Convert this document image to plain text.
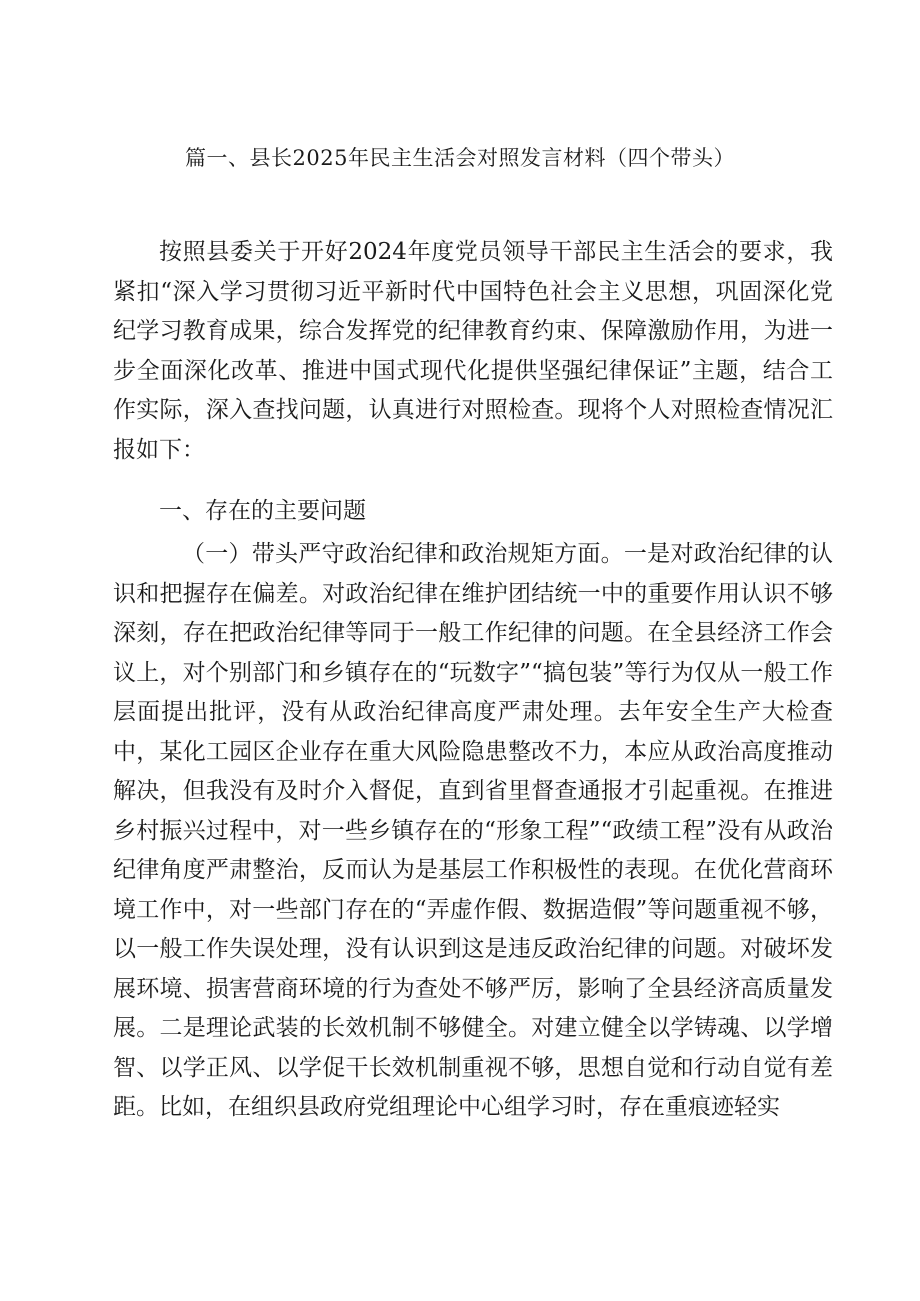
篇一、县长2025年民主生活会对照发言材料（四个带头）

按照县委关于开好2024年度党员领导干部民主生活会的要求，我紧扣“深入学习贯彻习近平新时代中国特色社会主义思想，巩固深化党纪学习教育成果，综合发挥党的纪律教育约束、保障激励作用，为进一步全面深化改革、推进中国式现代化提供坚强纪律保证”主题，结合工作实际，深入查找问题，认真进行对照检查。现将个人对照检查情况汇报如下：

一、存在的主要问题

（一）带头严守政治纪律和政治规矩方面。一是对政治纪律的认识和把握存在偏差。对政治纪律在维护团结统一中的重要作用认识不够深刻，存在把政治纪律等同于一般工作纪律的问题。在全县经济工作会议上，对个别部门和乡镇存在的“玩数字”“搞包装”等行为仅从一般工作层面提出批评，没有从政治纪律高度严肃处理。去年安全生产大检查中，某化工园区企业存在重大风险隐患整改不力，本应从政治高度推动解决，但我没有及时介入督促，直到省里督查通报才引起重视。在推进乡村振兴过程中，对一些乡镇存在的“形象工程”“政绩工程”没有从政治纪律角度严肃整治，反而认为是基层工作积极性的表现。在优化营商环境工作中，对一些部门存在的“弄虚作假、数据造假”等问题重视不够，以一般工作失误处理，没有认识到这是违反政治纪律的问题。对破坏发展环境、损害营商环境的行为查处不够严厉，影响了全县经济高质量发展。二是理论武装的长效机制不够健全。对建立健全以学铸魂、以学增智、以学正风、以学促干长效机制重视不够，思想自觉和行动自觉有差距。比如，在组织县政府党组理论中心组学习时，存在重痕迹轻实
